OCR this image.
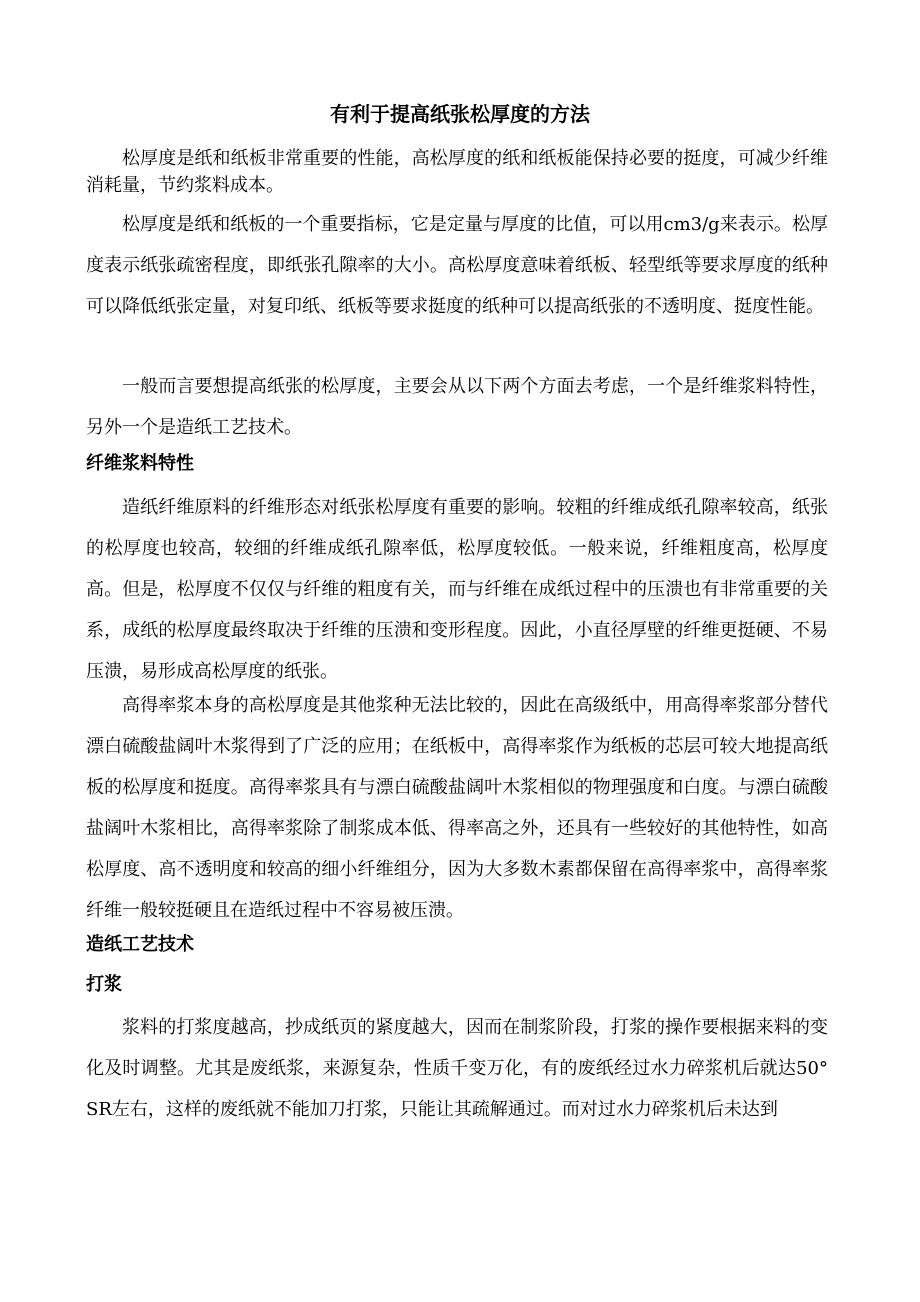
有利于提高纸张松厚度的方法

松厚度是纸和纸板非常重要的性能，高松厚度的纸和纸板能保持必要的挺度，可减少纤维消耗量，节约浆料成本。

松厚度是纸和纸板的一个重要指标，它是定量与厚度的比值，可以用cm3/g来表示。松厚度表示纸张疏密程度，即纸张孔隙率的大小。高松厚度意味着纸板、轻型纸等要求厚度的纸种可以降低纸张定量，对复印纸、纸板等要求挺度的纸种可以提高纸张的不透明度、挺度性能。

一般而言要想提高纸张的松厚度，主要会从以下两个方面去考虑，一个是纤维浆料特性，另外一个是造纸工艺技术。

纤维浆料特性

造纸纤维原料的纤维形态对纸张松厚度有重要的影响。较粗的纤维成纸孔隙率较高，纸张的松厚度也较高，较细的纤维成纸孔隙率低，松厚度较低。一般来说，纤维粗度高，松厚度高。但是，松厚度不仅仅与纤维的粗度有关，而与纤维在成纸过程中的压溃也有非常重要的关系，成纸的松厚度最终取决于纤维的压溃和变形程度。因此，小直径厚壁的纤维更挺硬、不易压溃，易形成高松厚度的纸张。

高得率浆本身的高松厚度是其他浆种无法比较的，因此在高级纸中，用高得率浆部分替代漂白硫酸盐阔叶木浆得到了广泛的应用；在纸板中，高得率浆作为纸板的芯层可较大地提高纸板的松厚度和挺度。高得率浆具有与漂白硫酸盐阔叶木浆相似的物理强度和白度。与漂白硫酸盐阔叶木浆相比，高得率浆除了制浆成本低、得率高之外，还具有一些较好的其他特性，如高松厚度、高不透明度和较高的细小纤维组分，因为大多数木素都保留在高得率浆中，高得率浆纤维一般较挺硬且在造纸过程中不容易被压溃。

造纸工艺技术
打浆

浆料的打浆度越高，抄成纸页的紧度越大，因而在制浆阶段，打浆的操作要根据来料的变化及时调整。尤其是废纸浆，来源复杂，性质千变万化，有的废纸经过水力碎浆机后就达50° SR左右，这样的废纸就不能加刀打浆，只能让其疏解通过。而对过水力碎浆机后未达到
